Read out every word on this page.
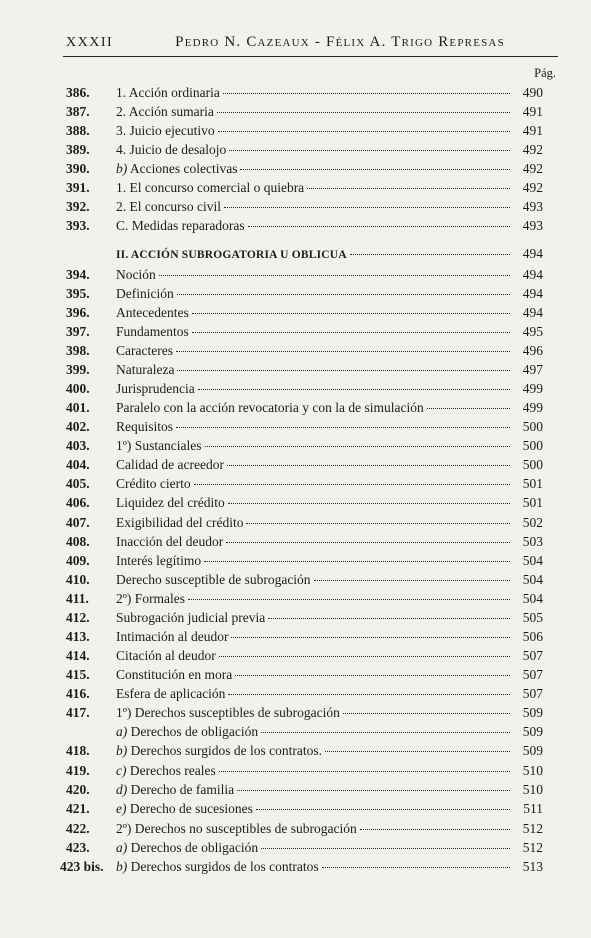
XXXII	Pedro N. Cazeaux - Félix A. Trigo Represas
Pág.
386.	1. Acción ordinaria	490
387.	2. Acción sumaria	491
388.	3. Juicio ejecutivo	491
389.	4. Juicio de desalojo	492
390.	b) Acciones colectivas	492
391.	1. El concurso comercial o quiebra	492
392.	2. El concurso civil	493
393.	C. Medidas reparadoras	493
II. ACCIÓN SUBROGATORIA U OBLICUA	494
394.	Noción	494
395.	Definición	494
396.	Antecedentes	494
397.	Fundamentos	495
398.	Caracteres	496
399.	Naturaleza	497
400.	Jurisprudencia	499
401.	Paralelo con la acción revocatoria y con la de simulación	499
402.	Requisitos	500
403.	1º) Sustanciales	500
404.	Calidad de acreedor	500
405.	Crédito cierto	501
406.	Liquidez del crédito	501
407.	Exigibilidad del crédito	502
408.	Inacción del deudor	503
409.	Interés legítimo	504
410.	Derecho susceptible de subrogación	504
411.	2º) Formales	504
412.	Subrogación judicial previa	505
413.	Intimación al deudor	506
414.	Citación al deudor	507
415.	Constitución en mora	507
416.	Esfera de aplicación	507
417.	1º) Derechos susceptibles de subrogación	509
a) Derechos de obligación	509
418.	b) Derechos surgidos de los contratos.	509
419.	c) Derechos reales	510
420.	d) Derecho de familia	510
421.	e) Derecho de sucesiones	511
422.	2º) Derechos no susceptibles de subrogación	512
423.	a) Derechos de obligación	512
423 bis. b) Derechos surgidos de los contratos	513
